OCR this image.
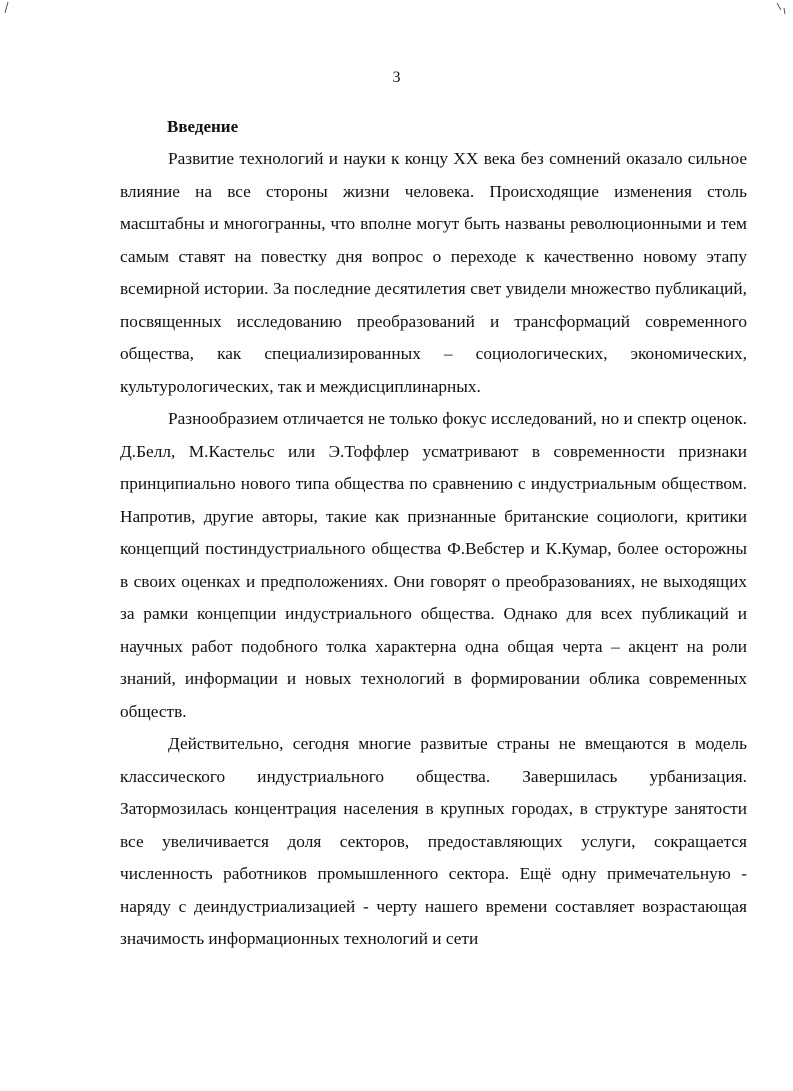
3
Введение

Развитие технологий и науки к концу XX века без сомнений оказало сильное влияние на все стороны жизни человека. Происходящие изменения столь масштабны и многогранны, что вполне могут быть названы революционными и тем самым ставят на повестку дня вопрос о переходе к качественно новому этапу всемирной истории. За последние десятилетия свет увидели множество публикаций, посвященных исследованию преобразований и трансформаций современного общества, как специализированных – социологических, экономических, культурологических, так и междисциплинарных.

Разнообразием отличается не только фокус исследований, но и спектр оценок. Д.Белл, М.Кастельс или Э.Тоффлер усматривают в современности признаки принципиально нового типа общества по сравнению с индустриальным обществом. Напротив, другие авторы, такие как признанные британские социологи, критики концепций постиндустриального общества Ф.Вебстер и К.Кумар, более осторожны в своих оценках и предположениях. Они говорят о преобразованиях, не выходящих за рамки концепции индустриального общества. Однако для всех публикаций и научных работ подобного толка характерна одна общая черта – акцент на роли знаний, информации и новых технологий в формировании облика современных обществ.

Действительно, сегодня многие развитые страны не вмещаются в модель классического индустриального общества. Завершилась урбанизация. Затормозилась концентрация населения в крупных городах, в структуре занятости все увеличивается доля секторов, предоставляющих услуги, сокращается численность работников промышленного сектора. Ещё одну примечательную - наряду с деиндустриализацией - черту нашего времени составляет возрастающая значимость информационных технологий и сети
